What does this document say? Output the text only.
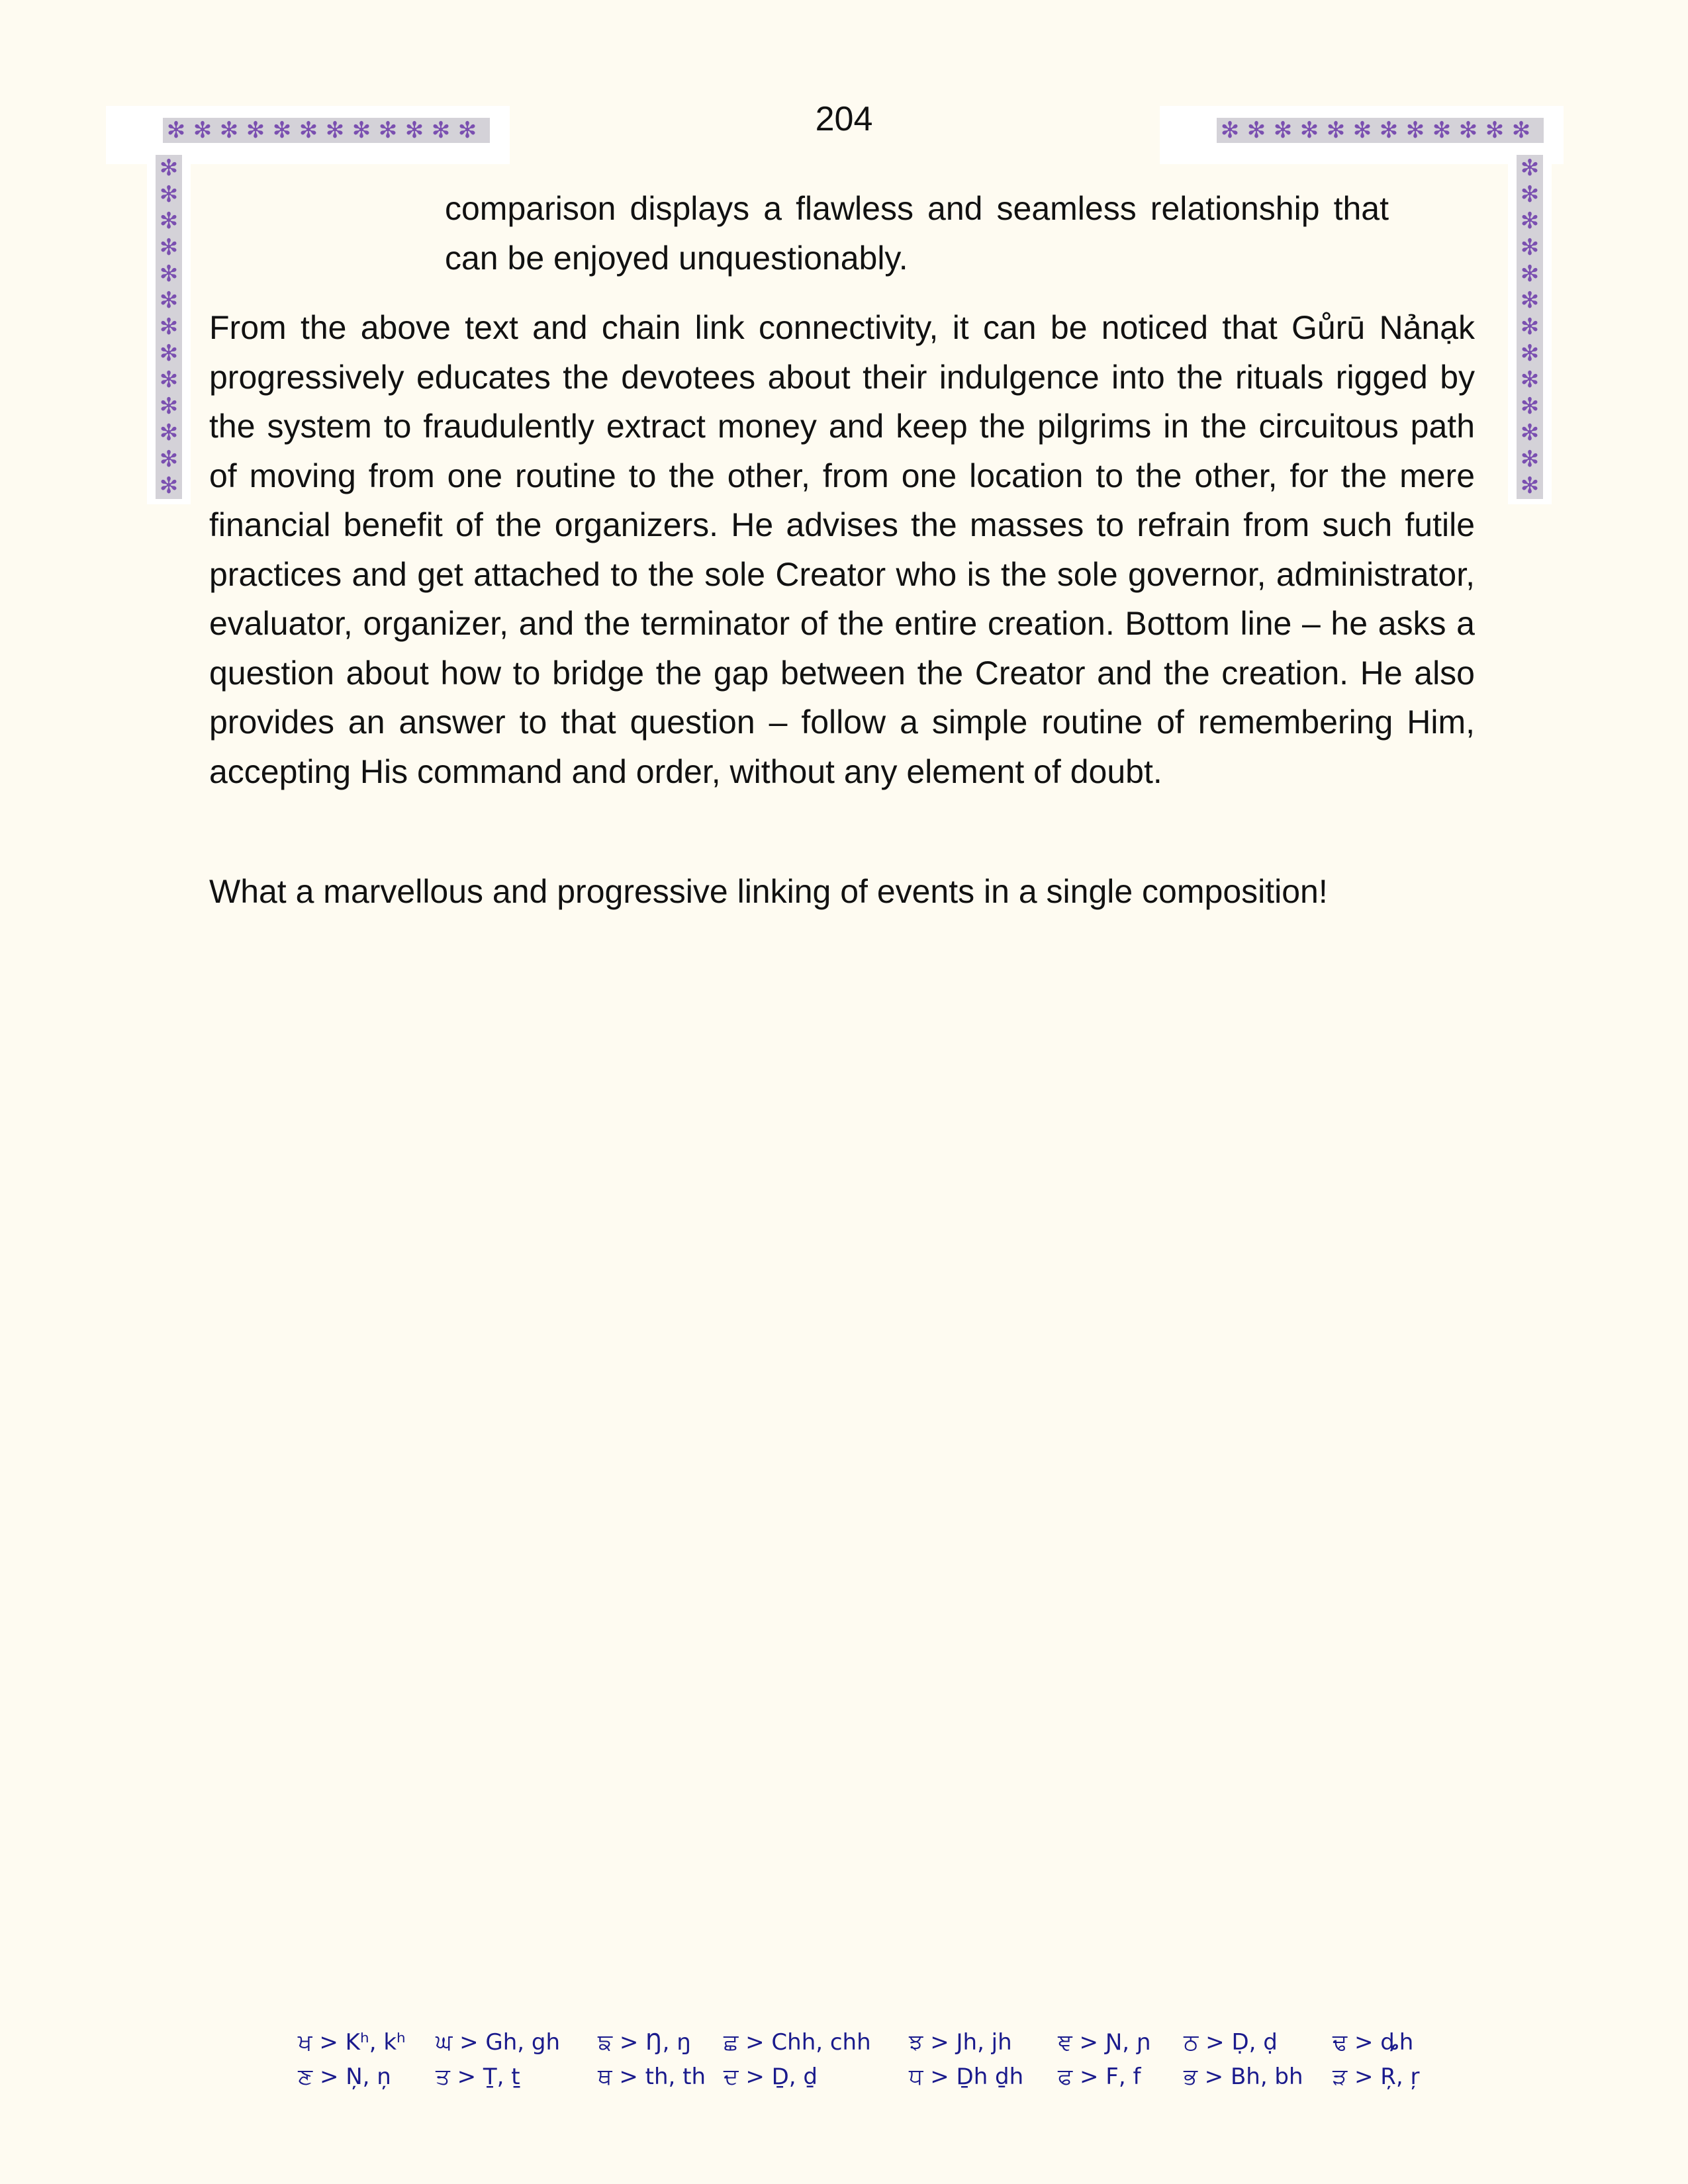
204
✻ ✻ ✻ ✻ ✻ ✻ ✻ ✻ ✻ ✻ ✻ ✻	✻ ✻ ✻ ✻ ✻ ✻ ✻ ✻ ✻ ✻ ✻ ✻
✻
✻
✻
✻
✻
✻
✻
✻
✻
✻
✻
✻
✻
✻
✻
✻
✻
✻
✻
✻
✻
✻
✻
✻
✻
✻
comparison displays a flawless and seamless relationship that can be enjoyed unquestionably.

From the above text and chain link connectivity, it can be noticed that Gůrū Nảnạk progressively educates the devotees about their indulgence into the rituals rigged by the system to fraudulently extract money and keep the pilgrims in the circuitous path of moving from one routine to the other, from one location to the other, for the mere financial benefit of the organizers. He advises the masses to refrain from such futile practices and get attached to the sole Creator who is the sole governor, administrator, evaluator, organizer, and the terminator of the entire creation. Bottom line – he asks a question about how to bridge the gap between the Creator and the creation. He also provides an answer to that question – follow a simple routine of remembering Him, accepting His command and order, without any element of doubt.

What a marvellous and progressive linking of events in a single composition!

ਖ > Kʰ, kʰ	ਘ > Gh, gh	ਙ > Ŋ, ŋ	ਛ > Chh, chh	ਝ > Jh, jh	ਞ > Ɲ, ɲ	ਠ > Ḍ, ḍ	ਢ > ȡh
ਣ > Ņ, ņ	ਤ > Ṯ, ṯ	ਥ > th, th ਦ > Ḏ, ḏ	ਧ > Ḏh ḏh	ਫ > F, f	ਭ > Bh, bh	ੜ > Ŗ, ŗ
